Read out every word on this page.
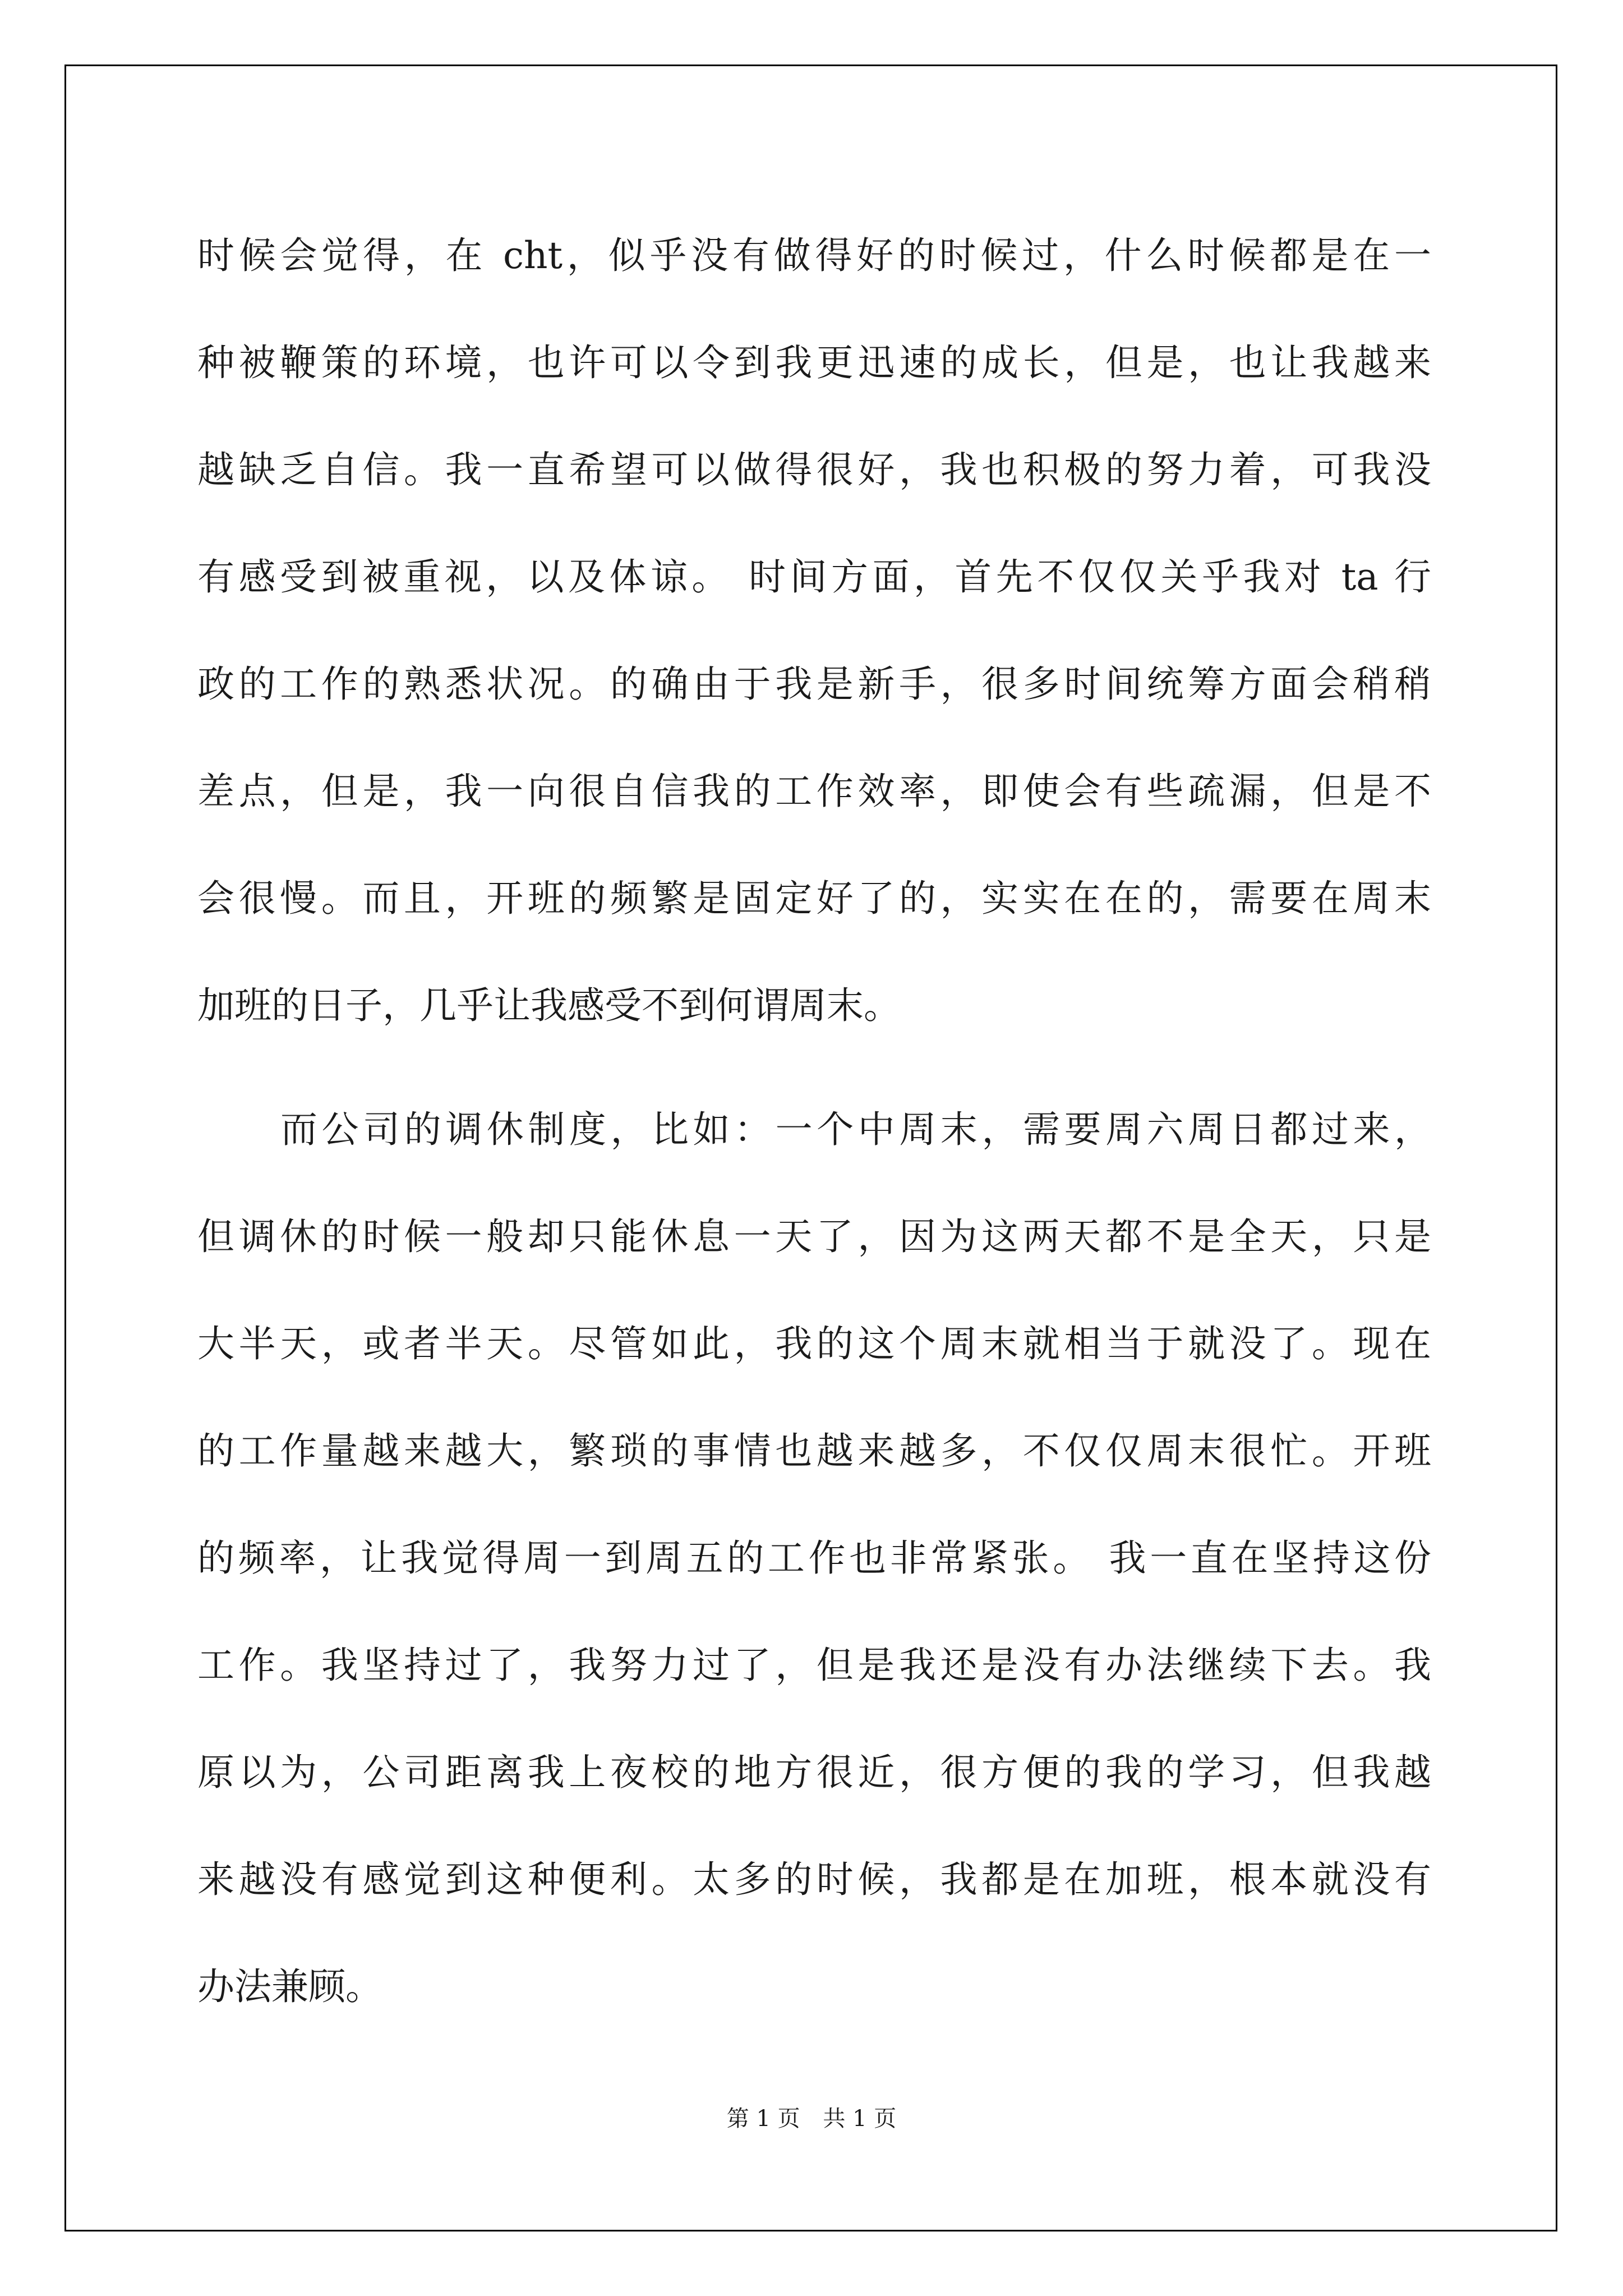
时候会觉得，在 cht，似乎没有做得好的时候过，什么时候都是在一
种被鞭策的环境，也许可以令到我更迅速的成长，但是，也让我越来
越缺乏自信。我一直希望可以做得很好，我也积极的努力着，可我没
有感受到被重视，以及体谅。 时间方面，首先不仅仅关乎我对 ta 行
政的工作的熟悉状况。的确由于我是新手，很多时间统筹方面会稍稍
差点，但是，我一向很自信我的工作效率，即使会有些疏漏，但是不
会很慢。而且，开班的频繁是固定好了的，实实在在的，需要在周末
加班的日子，几乎让我感受不到何谓周末。
而公司的调休制度，比如：一个中周末，需要周六周日都过来，
但调休的时候一般却只能休息一天了，因为这两天都不是全天，只是
大半天，或者半天。尽管如此，我的这个周末就相当于就没了。现在
的工作量越来越大，繁琐的事情也越来越多，不仅仅周末很忙。开班
的频率，让我觉得周一到周五的工作也非常紧张。 我一直在坚持这份
工作。我坚持过了，我努力过了，但是我还是没有办法继续下去。我
原以为，公司距离我上夜校的地方很近，很方便的我的学习，但我越
来越没有感觉到这种便利。太多的时候，我都是在加班，根本就没有
办法兼顾。
第 1 页 共 1 页
